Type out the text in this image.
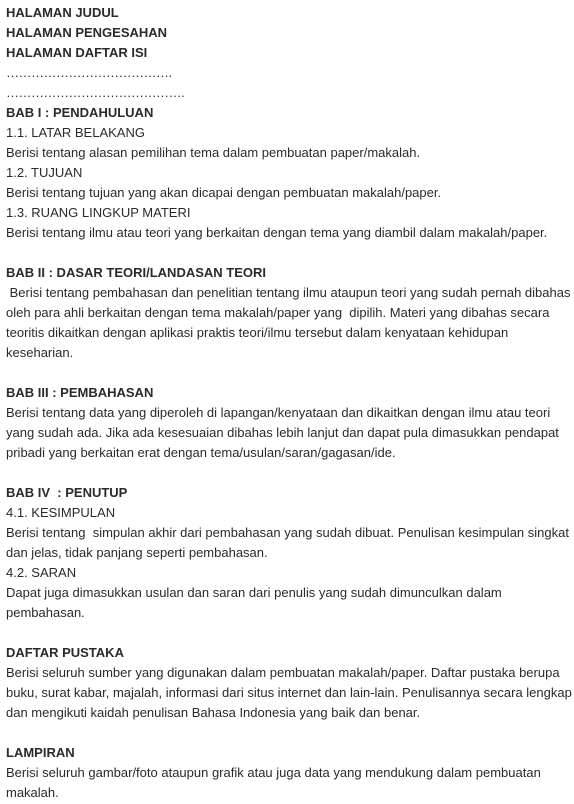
HALAMAN JUDUL

HALAMAN PENGESAHAN

HALAMAN DAFTAR ISI

………………………………….

…………………………………….

BAB I : PENDAHULUAN

1.1. LATAR BELAKANG

Berisi tentang alasan pemilihan tema dalam pembuatan paper/makalah.

1.2. TUJUAN

Berisi tentang tujuan yang akan dicapai dengan pembuatan makalah/paper.

1.3. RUANG LINGKUP MATERI

Berisi tentang ilmu atau teori yang berkaitan dengan tema yang diambil dalam makalah/paper.

BAB II : DASAR TEORI/LANDASAN TEORI

Berisi tentang pembahasan dan penelitian tentang ilmu ataupun teori yang sudah pernah dibahas

oleh para ahli berkaitan dengan tema makalah/paper yang  dipilih. Materi yang dibahas secara

teoritis dikaitkan dengan aplikasi praktis teori/ilmu tersebut dalam kenyataan kehidupan

keseharian.

BAB III : PEMBAHASAN

Berisi tentang data yang diperoleh di lapangan/kenyataan dan dikaitkan dengan ilmu atau teori

yang sudah ada. Jika ada kesesuaian dibahas lebih lanjut dan dapat pula dimasukkan pendapat

pribadi yang berkaitan erat dengan tema/usulan/saran/gagasan/ide.

BAB IV  : PENUTUP

4.1. KESIMPULAN

Berisi tentang  simpulan akhir dari pembahasan yang sudah dibuat. Penulisan kesimpulan singkat

dan jelas, tidak panjang seperti pembahasan.

4.2. SARAN

Dapat juga dimasukkan usulan dan saran dari penulis yang sudah dimunculkan dalam

pembahasan.

DAFTAR PUSTAKA

Berisi seluruh sumber yang digunakan dalam pembuatan makalah/paper. Daftar pustaka berupa

buku, surat kabar, majalah, informasi dari situs internet dan lain-lain. Penulisannya secara lengkap

dan mengikuti kaidah penulisan Bahasa Indonesia yang baik dan benar.

LAMPIRAN

Berisi seluruh gambar/foto ataupun grafik atau juga data yang mendukung dalam pembuatan

makalah.
